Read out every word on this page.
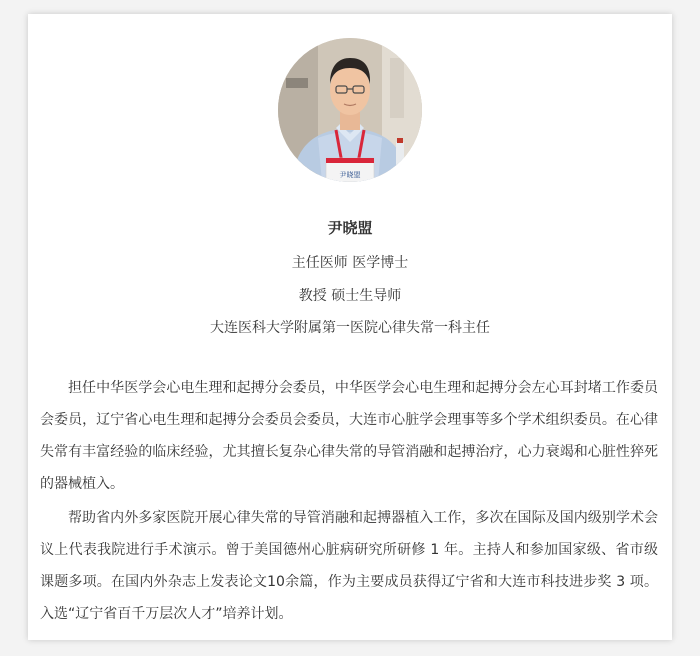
尹晓盟
尹晓盟
主任医师 医学博士
教授 硕士生导师
大连医科大学附属第一医院心律失常一科主任

担任中华医学会心电生理和起搏分会委员，中华医学会心电生理和起搏分会左心耳封堵工作委员会委员，辽宁省心电生理和起搏分会委员会委员，大连市心脏学会理事等多个学术组织委员。在心律失常有丰富经验的临床经验，尤其擅长复杂心律失常的导管消融和起搏治疗，心力衰竭和心脏性猝死的器械植入。

帮助省内外多家医院开展心律失常的导管消融和起搏器植入工作，多次在国际及国内级别学术会议上代表我院进行手术演示。曾于美国德州心脏病研究所研修 1 年。主持人和参加国家级、省市级课题多项。在国内外杂志上发表论文10余篇，作为主要成员获得辽宁省和大连市科技进步奖 3 项。入选“辽宁省百千万层次人才”培养计划。
